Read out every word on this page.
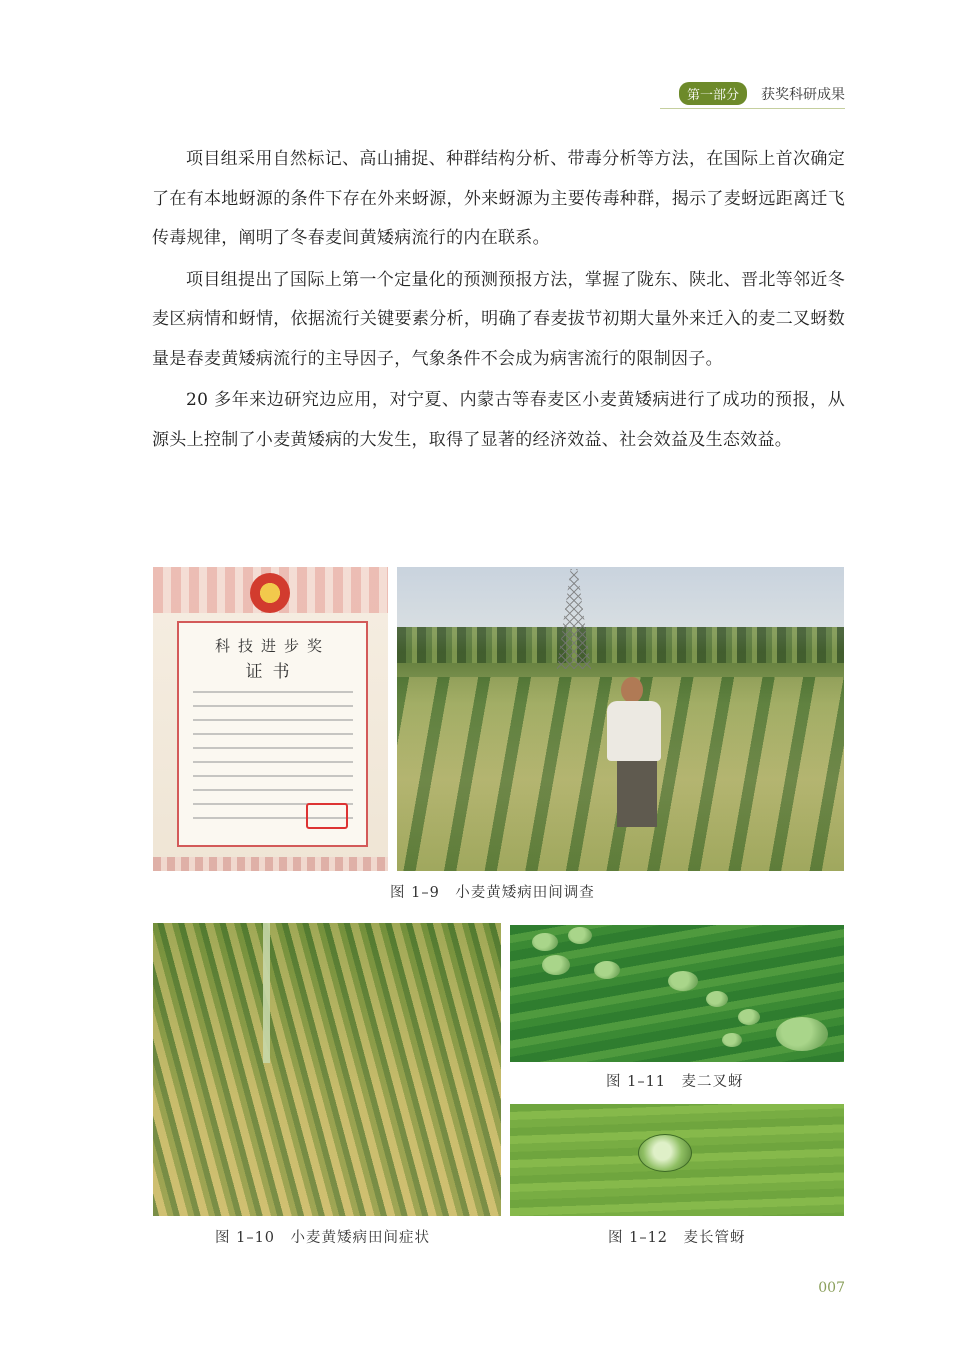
第一部分	获奖科研成果

项目组采用自然标记、高山捕捉、种群结构分析、带毒分析等方法，在国际上首次确定了在有本地蚜源的条件下存在外来蚜源，外来蚜源为主要传毒种群，揭示了麦蚜远距离迁飞传毒规律，阐明了冬春麦间黄矮病流行的内在联系。

项目组提出了国际上第一个定量化的预测预报方法，掌握了陇东、陕北、晋北等邻近冬麦区病情和蚜情，依据流行关键要素分析，明确了春麦拔节初期大量外来迁入的麦二叉蚜数量是春麦黄矮病流行的主导因子，气象条件不会成为病害流行的限制因子。

20 多年来边研究边应用，对宁夏、内蒙古等春麦区小麦黄矮病进行了成功的预报，从源头上控制了小麦黄矮病的大发生，取得了显著的经济效益、社会效益及生态效益。

科技进步奖
证书
图 1–9　小麦黄矮病田间调查
图 1–10　小麦黄矮病田间症状
图 1–11　麦二叉蚜
图 1–12　麦长管蚜
007
